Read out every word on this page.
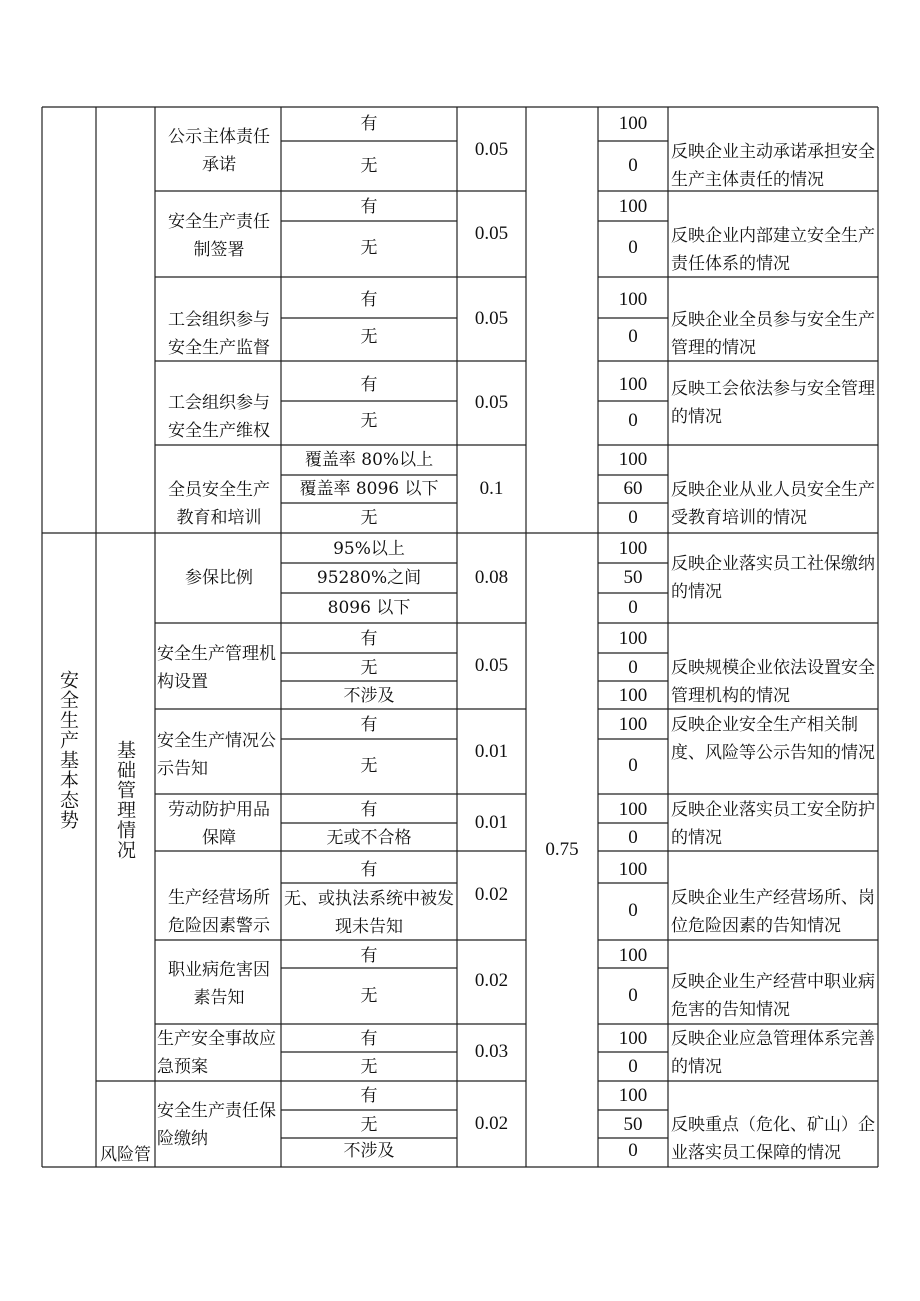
安全生产基本态势 基础管理情况
风险管
0.75
公示主体责任承诺
有
无
0.05
100
0
反映企业主动承诺承担安全生产主体责任的情况
安全生产责任制签署
有
无
0.05
100
0
反映企业内部建立安全生产责任体系的情况
工会组织参与安全生产监督
有
无
0.05
100
0
反映企业全员参与安全生产管理的情况
工会组织参与安全生产维权
有
无
0.05
100
0
反映工会依法参与安全管理的情况
全员安全生产教育和培训
覆盖率 80%以上
覆盖率 8096 以下
无
0.1
100
60
0
反映企业从业人员安全生产受教育培训的情况
参保比例
95%以上
95280%之间
8096 以下
0.08
100
50
0
反映企业落实员工社保缴纳的情况
安全生产管理机构设置
有
无
不涉及
0.05
100
0
100
反映规模企业依法设置安全管理机构的情况
安全生产情况公示告知
有
无
0.01
100
0
反映企业安全生产相关制度、风险等公示告知的情况
劳动防护用品保障
有
无或不合格
0.01
100
0
反映企业落实员工安全防护的情况
生产经营场所危险因素警示
有
无、或执法系统中被发现未告知
0.02
100
0
反映企业生产经营场所、岗位危险因素的告知情况
职业病危害因素告知
有
无
0.02
100
0
反映企业生产经营中职业病危害的告知情况
生产安全事故应急预案
有
无
0.03
100
0
反映企业应急管理体系完善的情况
安全生产责任保险缴纳
有
无
不涉及
0.02
100
50
0
反映重点（危化、矿山）企业落实员工保障的情况
